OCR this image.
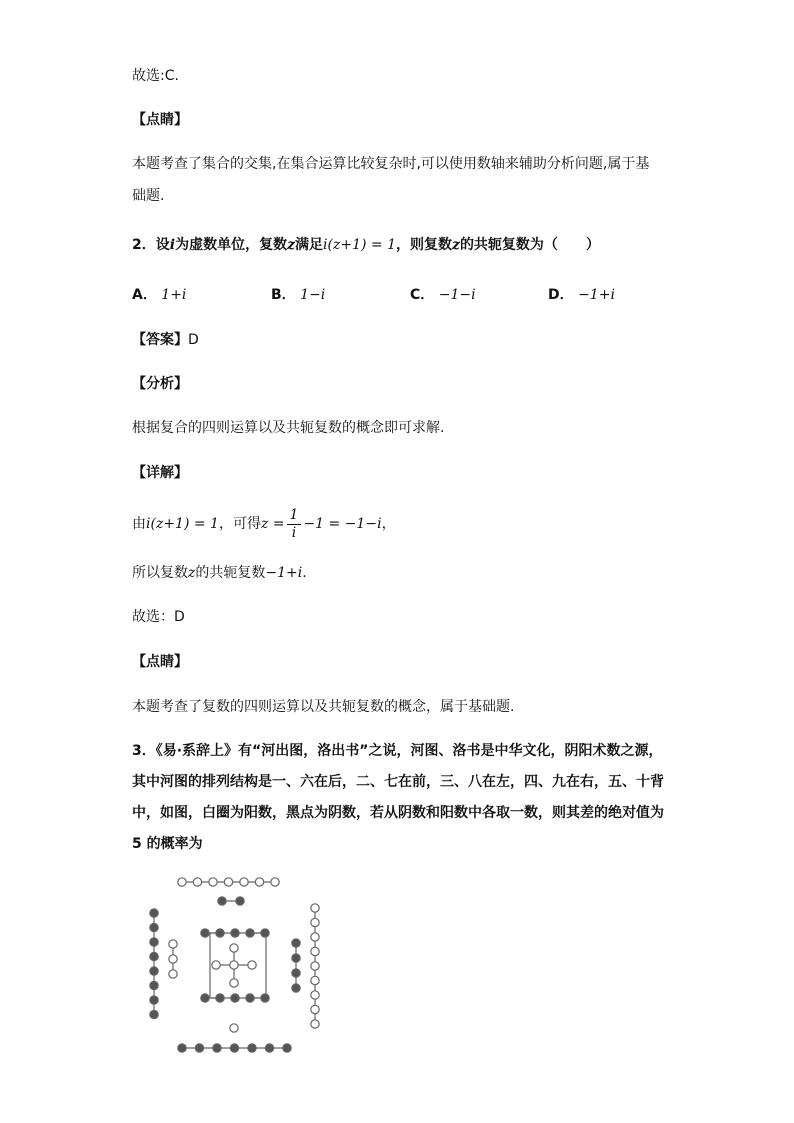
故选:C.
【点睛】
本题考查了集合的交集,在集合运算比较复杂时,可以使用数轴来辅助分析问题,属于基
础题.
2．设i为虚数单位，复数z满足i(z+1) = 1，则复数z的共轭复数为（　　）
A． 1+i	B． 1−i	C． −1−i	D． −1+i
【答案】D
【分析】
根据复合的四则运算以及共轭复数的概念即可求解.
【详解】
由i(z+1) = 1，可得$z = \frac{1}{i} -1 = -1-i$，
所以复数z的共轭复数−1+i.
故选：D
【点睛】
本题考查了复数的四则运算以及共轭复数的概念，属于基础题.
3．《易·系辞上》有“河出图，洛出书”之说，河图、洛书是中华文化，阴阳术数之源，
其中河图的排列结构是一、六在后，二、七在前，三、八在左，四、九在右，五、十背
中，如图，白圈为阳数，黑点为阴数，若从阴数和阳数中各取一数，则其差的绝对值为
5 的概率为
